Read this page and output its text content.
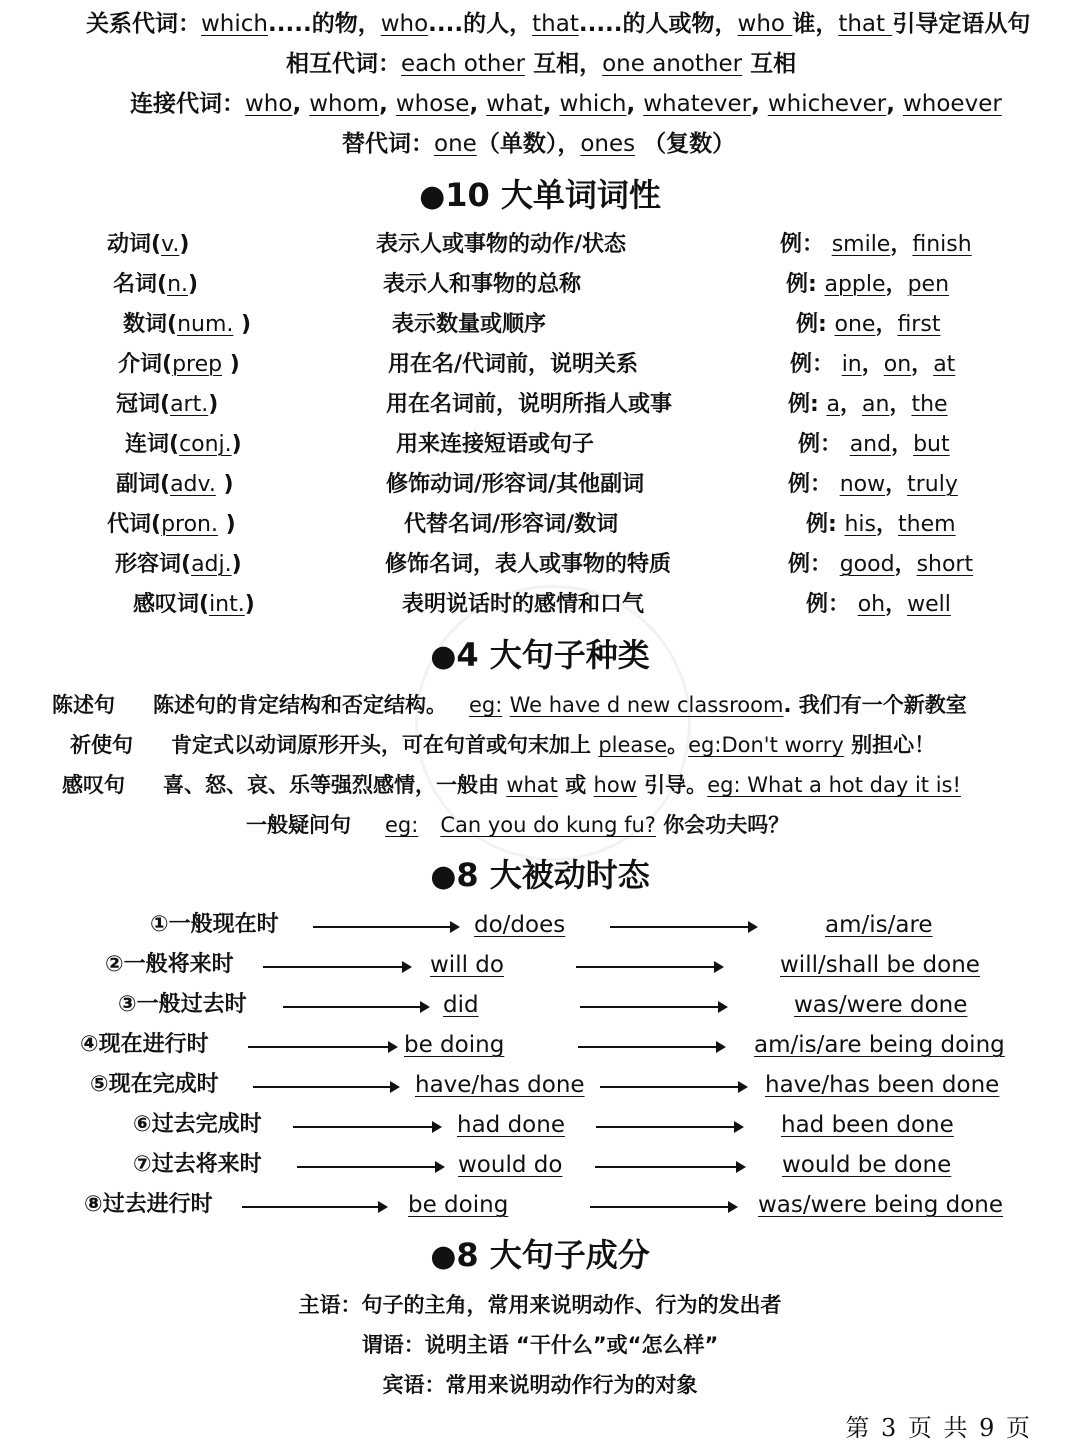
关系代词：which.....的物，who....的人，that.....的人或物，who 谁，that 引导定语从句
相互代词：each other 互相，one another 互相
连接代词：who, whom, whose, what, which, whatever, whichever, whoever
替代词：one（单数），ones （复数）
●10 大单词词性
动词(v.)	表示人或事物的动作/状态	例： smile，finish
名词(n.)	表示人和事物的总称	例: apple，pen
数词(num. )	表示数量或顺序	例: one，first
介词(prep )	用在名/代词前，说明关系	例： in，on，at
冠词(art.)	用在名词前，说明所指人或事	例: a，an，the
连词(conj.)	用来连接短语或句子	例： and，but
副词(adv. )	修饰动词/形容词/其他副词	例： now，truly
代词(pron. )	代替名词/形容词/数词	例: his，them
形容词(adj.)	修饰名词，表人或事物的特质	例： good，short
感叹词(int.)	表明说话时的感情和口气	例： oh，well
●4 大句子种类
陈述句 陈述句的肯定结构和否定结构。 eg: We have d new classroom. 我们有一个新教室
祈使句 肯定式以动词原形开头，可在句首或句末加上 please。eg:Don't worry 别担心！
感叹句 喜、怒、哀、乐等强烈感情，一般由 what 或 how 引导。eg: What a hot day it is!
一般疑问句 eg: Can you do kung fu? 你会功夫吗？
●8 大被动时态
①一般现在时	do/does	am/is/are
②一般将来时	will do	will/shall be done
③一般过去时	did	was/were done
④现在进行时	be doing	am/is/are being doing
⑤现在完成时	have/has done	have/has been done
⑥过去完成时	had done	had been done
⑦过去将来时	would do	would be done
⑧过去进行时	be doing	was/were being done
●8 大句子成分
主语：句子的主角，常用来说明动作、行为的发出者
谓语：说明主语 “干什么”或“怎么样”
宾语：常用来说明动作行为的对象
第 3 页 共 9 页
